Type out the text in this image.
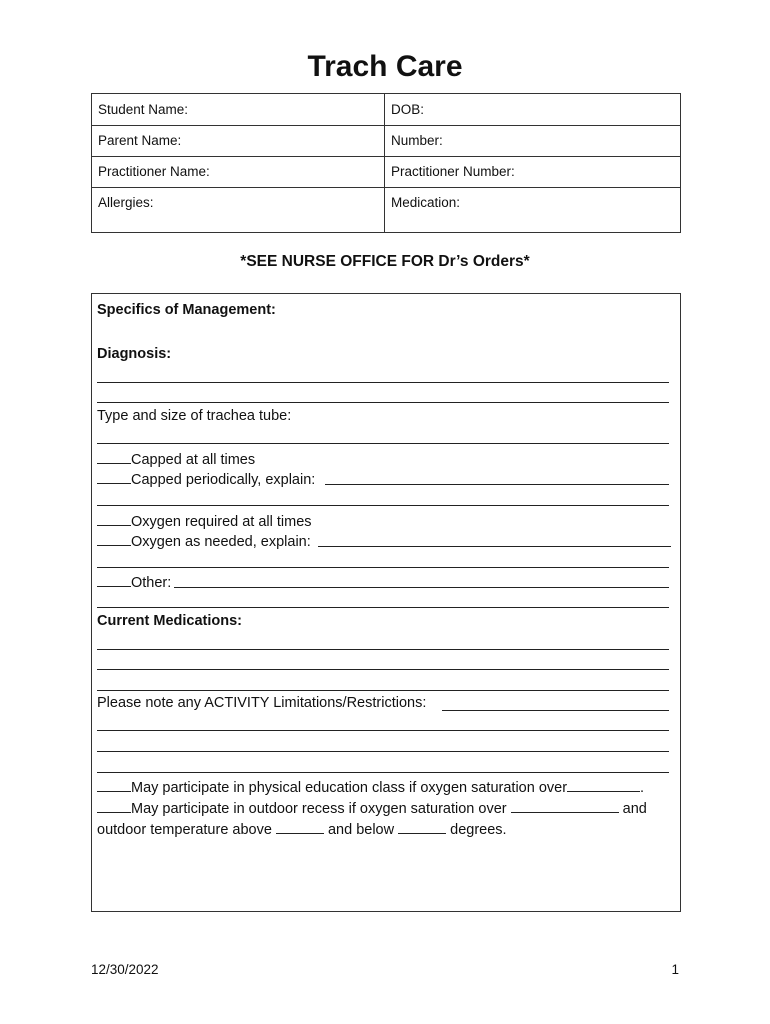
Trach Care
Student Name:	DOB:
Parent Name:	Number:
Practitioner Name:	Practitioner Number:
Allergies:	Medication:
*SEE NURSE OFFICE FOR Dr’s Orders*
Specifics of Management:
Diagnosis:
Type and size of trachea tube:
Capped at all times
Capped periodically, explain:
Oxygen required at all times
Oxygen as needed, explain:
Other:
Current Medications:
Please note any ACTIVITY Limitations/Restrictions:
May participate in physical education class if oxygen saturation over	.
May participate in outdoor recess if oxygen saturation over	and
outdoor temperature above	and below	degrees.
12/30/2022	1
